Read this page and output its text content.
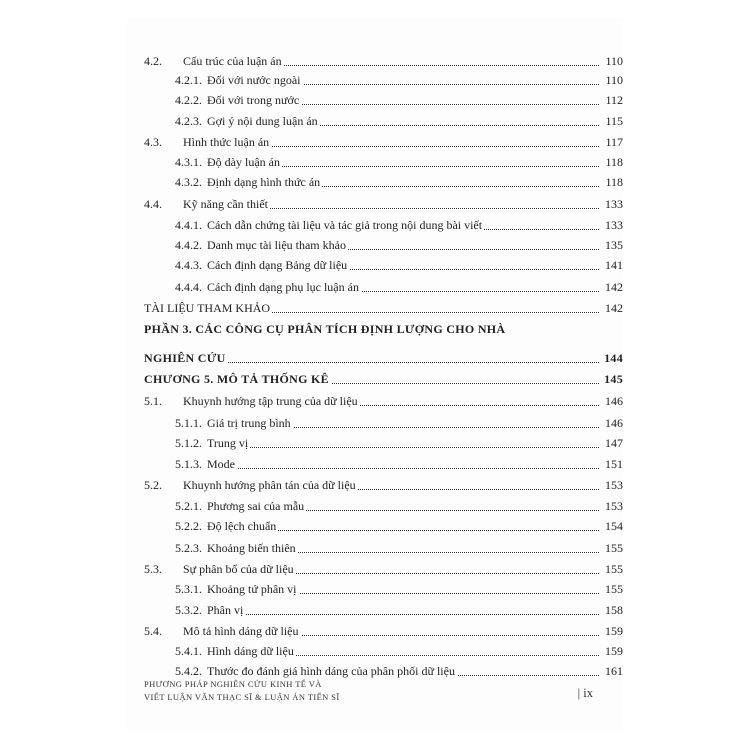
4.2. Cấu trúc của luận án	110
4.2.1. Đối với nước ngoài	110
4.2.2. Đối với trong nước	112
4.2.3. Gợi ý nội dung luận án	115
4.3. Hình thức luận án	117
4.3.1. Độ dày luận án	118
4.3.2. Định dạng hình thức án	118
4.4. Kỹ năng cần thiết	133
4.4.1. Cách dẫn chứng tài liệu và tác giả trong nội dung bài viết	133
4.4.2. Danh mục tài liệu tham khảo	135
4.4.3. Cách định dạng Bảng dữ liệu	141
4.4.4. Cách định dạng phụ lục luận án	142
TÀI LIỆU THAM KHẢO	142
PHẦN 3. CÁC CÔNG CỤ PHÂN TÍCH ĐỊNH LƯỢNG CHO NHÀ
NGHIÊN CỨU	144
CHƯƠNG 5. MÔ TẢ THỐNG KÊ	145
5.1. Khuynh hướng tập trung của dữ liệu	146
5.1.1. Giá trị trung bình	146
5.1.2. Trung vị	147
5.1.3. Mode	151
5.2. Khuynh hướng phân tán của dữ liệu	153
5.2.1. Phương sai của mẫu	153
5.2.2. Độ lệch chuẩn	154
5.2.3. Khoảng biến thiên	155
5.3. Sự phân bố của dữ liệu	155
5.3.1. Khoảng tứ phân vị	155
5.3.2. Phân vị	158
5.4. Mô tả hình dáng dữ liệu	159
5.4.1. Hình dáng dữ liệu	159
5.4.2. Thước đo đánh giá hình dáng của phân phối dữ liệu	161
PHƯƠNG PHÁP NGHIÊN CỨU KINH TẾ VÀ
VIẾT LUẬN VĂN THẠC SĨ & LUẬN ÁN TIẾN SĨ	| ix
